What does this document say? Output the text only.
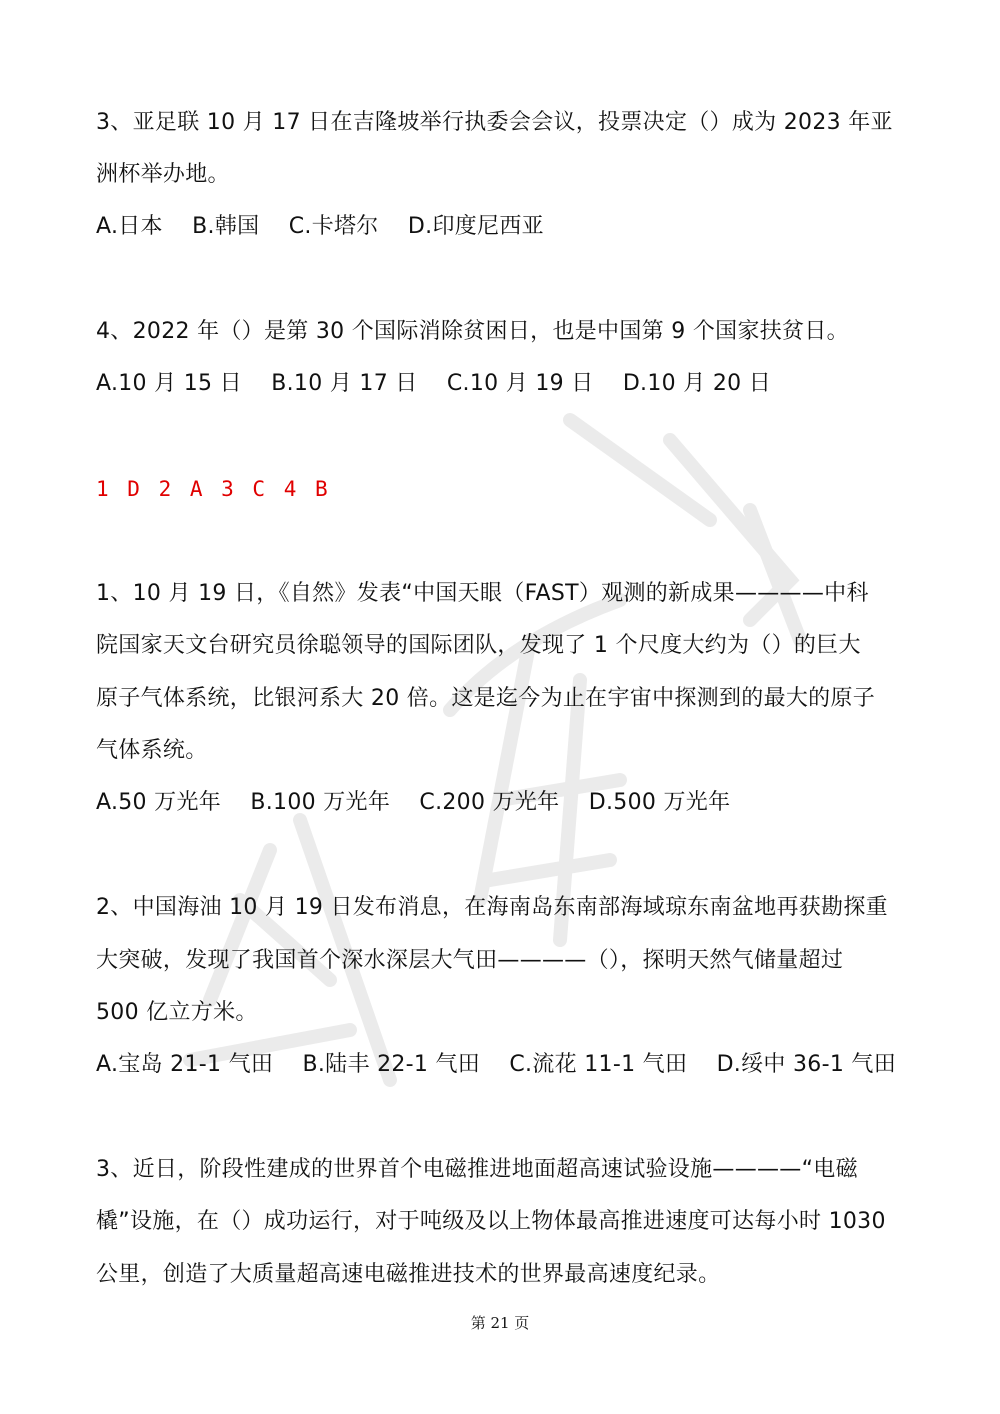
3、亚足联 10 月 17 日在吉隆坡举行执委会会议，投票决定（）成为 2023 年亚
洲杯举办地。
A.日本 B.韩国 C.卡塔尔 D.印度尼西亚
4、2022 年（）是第 30 个国际消除贫困日，也是中国第 9 个国家扶贫日。
A.10 月 15 日 B.10 月 17 日 C.10 月 19 日 D.10 月 20 日
1 D 2 A 3 C 4 B
1、10 月 19 日，《自然》发表“中国天眼（FAST）观测的新成果————中科
院国家天文台研究员徐聪领导的国际团队，发现了 1 个尺度大约为（）的巨大
原子气体系统，比银河系大 20 倍。这是迄今为止在宇宙中探测到的最大的原子
气体系统。
A.50 万光年 B.100 万光年 C.200 万光年 D.500 万光年
2、中国海油 10 月 19 日发布消息，在海南岛东南部海域琼东南盆地再获勘探重
大突破，发现了我国首个深水深层大气田————（），探明天然气储量超过
500 亿立方米。
A.宝岛 21-1 气田 B.陆丰 22-1 气田 C.流花 11-1 气田 D.绥中 36-1 气田
3、近日，阶段性建成的世界首个电磁推进地面超高速试验设施————“电磁
橇”设施，在（）成功运行，对于吨级及以上物体最高推进速度可达每小时 1030
公里，创造了大质量超高速电磁推进技术的世界最高速度纪录。
第 21 页
